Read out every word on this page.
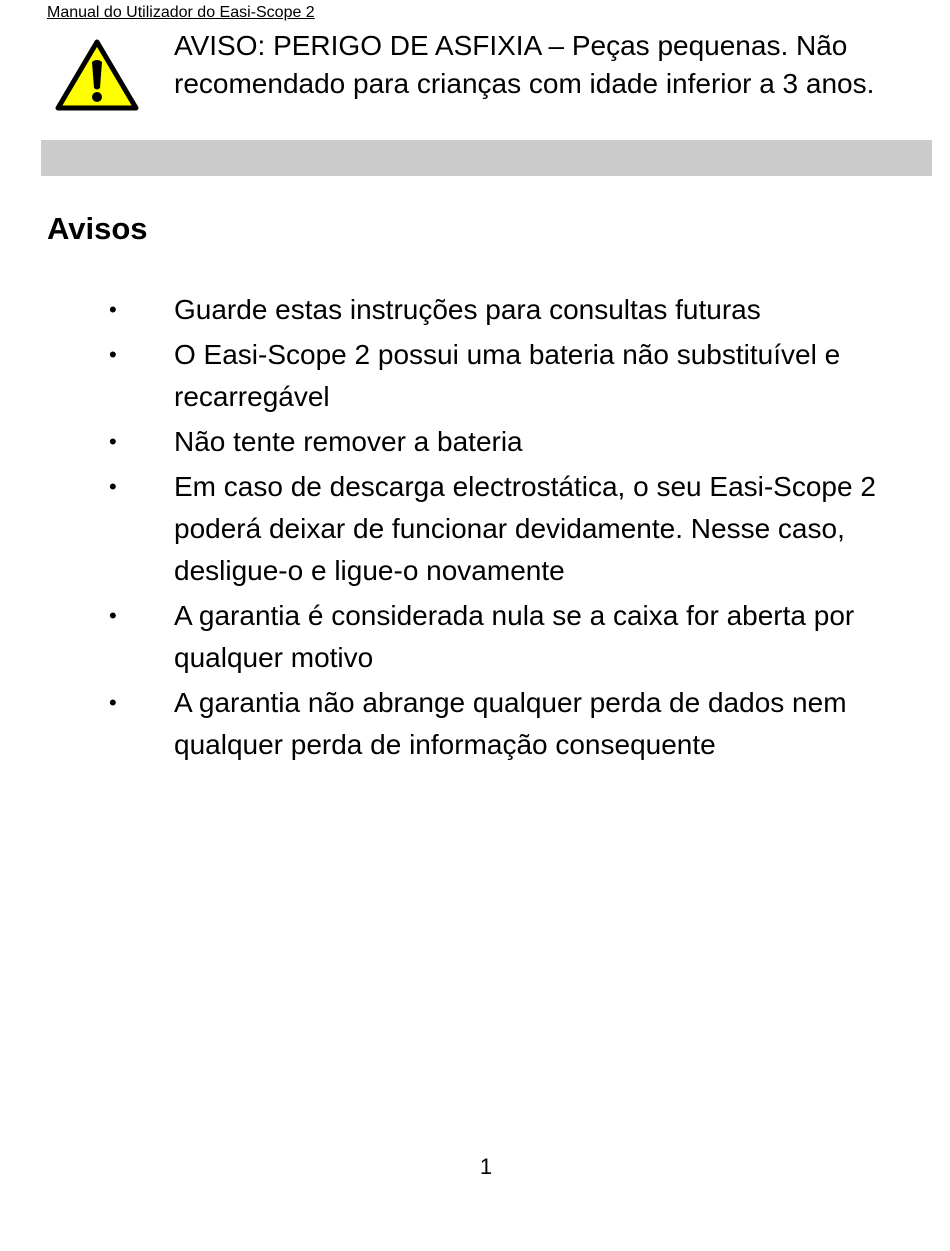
Manual do Utilizador do Easi-Scope 2
AVISO: PERIGO DE ASFIXIA – Peças pequenas. Não recomendado para crianças com idade inferior a 3 anos.
Avisos
• Guarde estas instruções para consultas futuras
• O Easi-Scope 2 possui uma bateria não substituível e recarregável
• Não tente remover a bateria
• Em caso de descarga electrostática, o seu Easi-Scope 2 poderá deixar de funcionar devidamente. Nesse caso, desligue-o e ligue-o novamente
• A garantia é considerada nula se a caixa for aberta por qualquer motivo
• A garantia não abrange qualquer perda de dados nem qualquer perda de informação consequente
1
